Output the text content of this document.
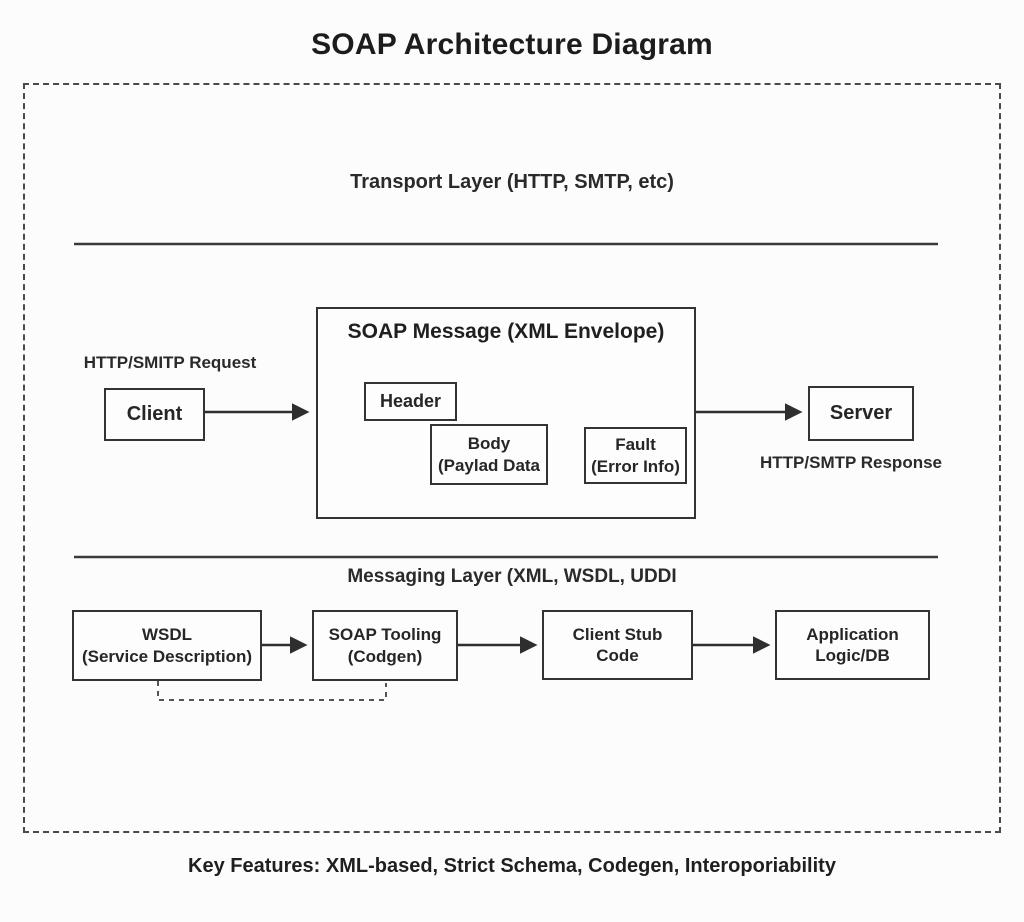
SOAP Architecture Diagram
Transport Layer (HTTP, SMTP, etc)
HTTP/SMITP Request
Client
SOAP Message (XML Envelope)
Header
Body
(Paylad Data
Fault
(Error Info)
Server
HTTP/SMTP Response
Messaging Layer (XML, WSDL, UDDI
WSDL
(Service Description)
SOAP Tooling
(Codgen)
Client Stub
Code
Application
Logic/DB
Key Features: XML-based, Strict Schema, Codegen, Interoporiability
